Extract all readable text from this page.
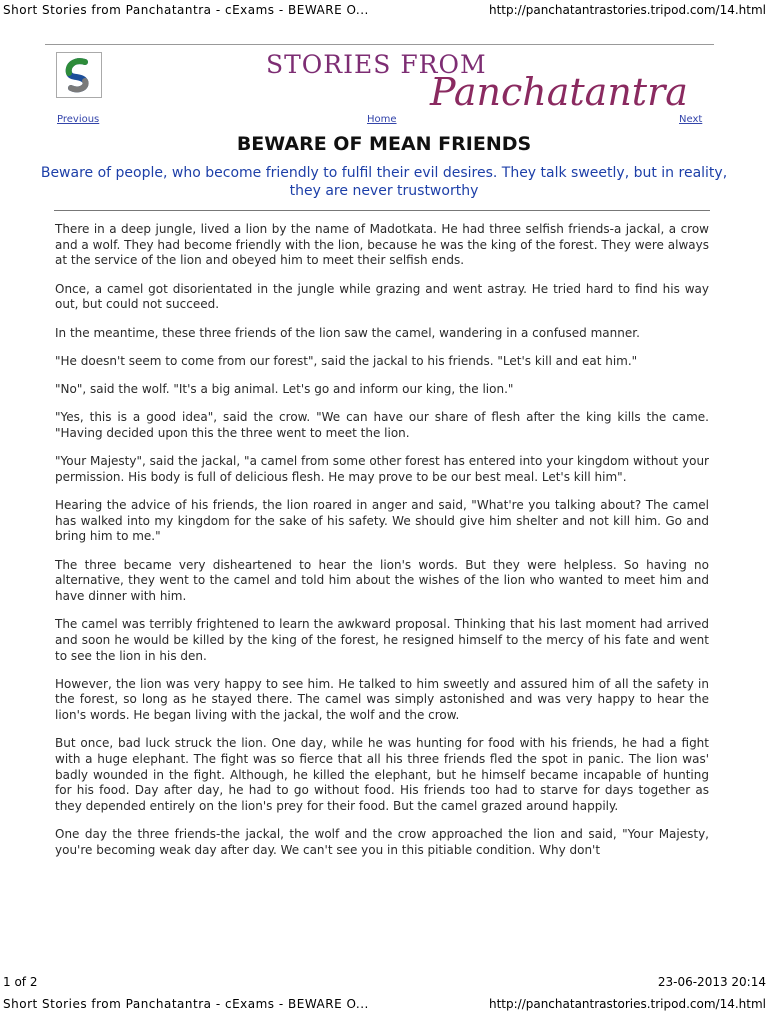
Short Stories from Panchatantra - cExams - BEWARE O...	http://panchatantrastories.tripod.com/14.html
STORIES FROM
Panchatantra
Previous	Home	Next
BEWARE OF MEAN FRIENDS
Beware of people, who become friendly to fulfil their evil desires. They talk sweetly, but in reality, they are never trustworthy

There in a deep jungle, lived a lion by the name of Madotkata. He had three selfish friends-a jackal, a crow and a wolf. They had become friendly with the lion, because he was the king of the forest. They were always at the service of the lion and obeyed him to meet their selfish ends.

Once, a camel got disorientated in the jungle while grazing and went astray. He tried hard to find his way out, but could not succeed.

In the meantime, these three friends of the lion saw the camel, wandering in a confused manner.

"He doesn't seem to come from our forest", said the jackal to his friends. "Let's kill and eat him."

"No", said the wolf. "It's a big animal. Let's go and inform our king, the lion."

"Yes, this is a good idea", said the crow. "We can have our share of flesh after the king kills the came. "Having decided upon this the three went to meet the lion.

"Your Majesty", said the jackal, "a camel from some other forest has entered into your kingdom without your permission. His body is full of delicious flesh. He may prove to be our best meal. Let's kill him".

Hearing the advice of his friends, the lion roared in anger and said, "What're you talking about? The camel has walked into my kingdom for the sake of his safety. We should give him shelter and not kill him. Go and bring him to me."

The three became very disheartened to hear the lion's words. But they were helpless. So having no alternative, they went to the camel and told him about the wishes of the lion who wanted to meet him and have dinner with him.

The camel was terribly frightened to learn the awkward proposal. Thinking that his last moment had arrived and soon he would be killed by the king of the forest, he resigned himself to the mercy of his fate and went to see the lion in his den.

However, the lion was very happy to see him. He talked to him sweetly and assured him of all the safety in the forest, so long as he stayed there. The camel was simply astonished and was very happy to hear the lion's words. He began living with the jackal, the wolf and the crow.

But once, bad luck struck the lion. One day, while he was hunting for food with his friends, he had a fight with a huge elephant. The fight was so fierce that all his three friends fled the spot in panic. The lion was' badly wounded in the fight. Although, he killed the elephant, but he himself became incapable of hunting for his food. Day after day, he had to go without food. His friends too had to starve for days together as they depended entirely on the lion's prey for their food. But the camel grazed around happily.

One day the three friends-the jackal, the wolf and the crow approached the lion and said, "Your Majesty, you're becoming weak day after day. We can't see you in this pitiable condition. Why don't

1 of 2	23-06-2013 20:14
Short Stories from Panchatantra - cExams - BEWARE O...	http://panchatantrastories.tripod.com/14.html
